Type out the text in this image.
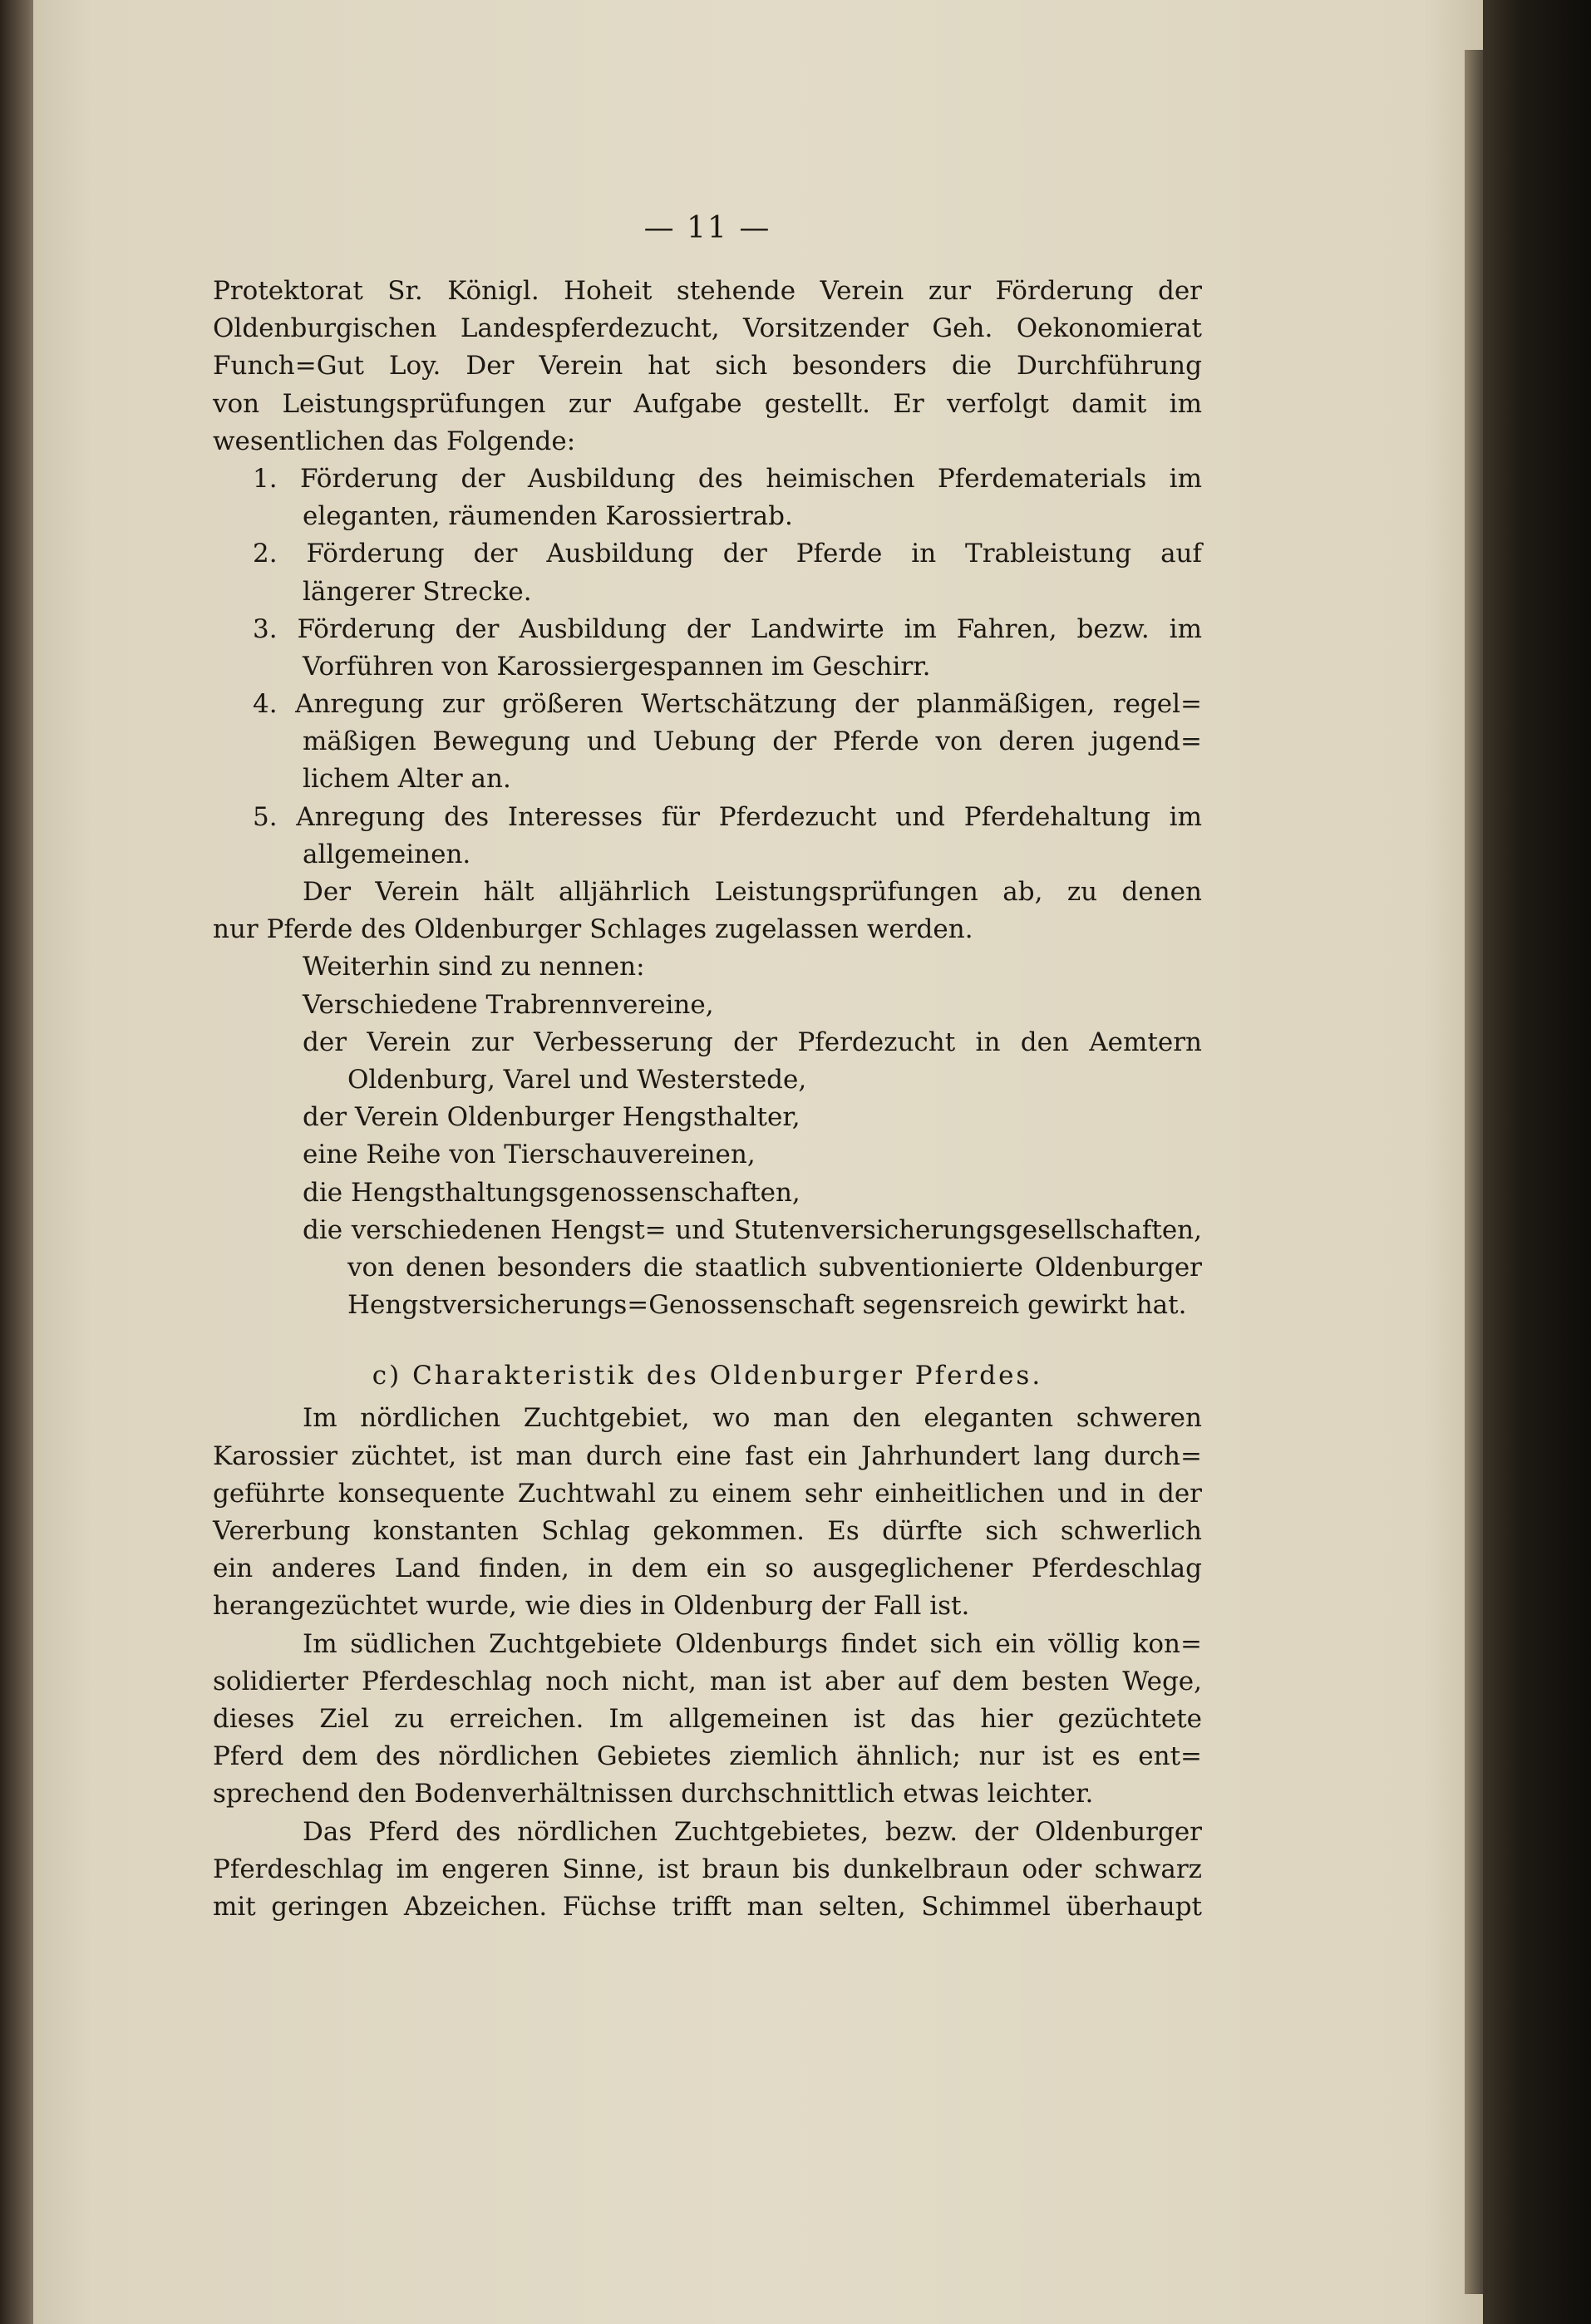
— 11 —
Protektorat Sr. Königl. Hoheit stehende Verein zur Förderung der
Oldenburgischen Landespferdezucht, Vorsitzender Geh. Oekonomierat
Funch=Gut Loy. Der Verein hat sich besonders die Durchführung
von Leistungsprüfungen zur Aufgabe gestellt. Er verfolgt damit im
wesentlichen das Folgende:
1. Förderung der Ausbildung des heimischen Pferdematerials im
eleganten, räumenden Karossiertrab.
2. Förderung der Ausbildung der Pferde in Trableistung auf
längerer Strecke.
3. Förderung der Ausbildung der Landwirte im Fahren, bezw. im
Vorführen von Karossiergespannen im Geschirr.
4. Anregung zur größeren Wertschätzung der planmäßigen, regel=
mäßigen Bewegung und Uebung der Pferde von deren jugend=
lichem Alter an.
5. Anregung des Interesses für Pferdezucht und Pferdehaltung im
allgemeinen.
Der Verein hält alljährlich Leistungsprüfungen ab, zu denen
nur Pferde des Oldenburger Schlages zugelassen werden.
Weiterhin sind zu nennen:
Verschiedene Trabrennvereine,
der Verein zur Verbesserung der Pferdezucht in den Aemtern
Oldenburg, Varel und Westerstede,
der Verein Oldenburger Hengsthalter,
eine Reihe von Tierschauvereinen,
die Hengsthaltungsgenossenschaften,
die verschiedenen Hengst= und Stutenversicherungsgesellschaften,
von denen besonders die staatlich subventionierte Oldenburger
Hengstversicherungs=Genossenschaft segensreich gewirkt hat.
c) Charakteristik des Oldenburger Pferdes.
Im nördlichen Zuchtgebiet, wo man den eleganten schweren
Karossier züchtet, ist man durch eine fast ein Jahrhundert lang durch=
geführte konsequente Zuchtwahl zu einem sehr einheitlichen und in der
Vererbung konstanten Schlag gekommen. Es dürfte sich schwerlich
ein anderes Land finden, in dem ein so ausgeglichener Pferdeschlag
herangezüchtet wurde, wie dies in Oldenburg der Fall ist.
Im südlichen Zuchtgebiete Oldenburgs findet sich ein völlig kon=
solidierter Pferdeschlag noch nicht, man ist aber auf dem besten Wege,
dieses Ziel zu erreichen. Im allgemeinen ist das hier gezüchtete
Pferd dem des nördlichen Gebietes ziemlich ähnlich; nur ist es ent=
sprechend den Bodenverhältnissen durchschnittlich etwas leichter.
Das Pferd des nördlichen Zuchtgebietes, bezw. der Oldenburger
Pferdeschlag im engeren Sinne, ist braun bis dunkelbraun oder schwarz
mit geringen Abzeichen. Füchse trifft man selten, Schimmel überhaupt
